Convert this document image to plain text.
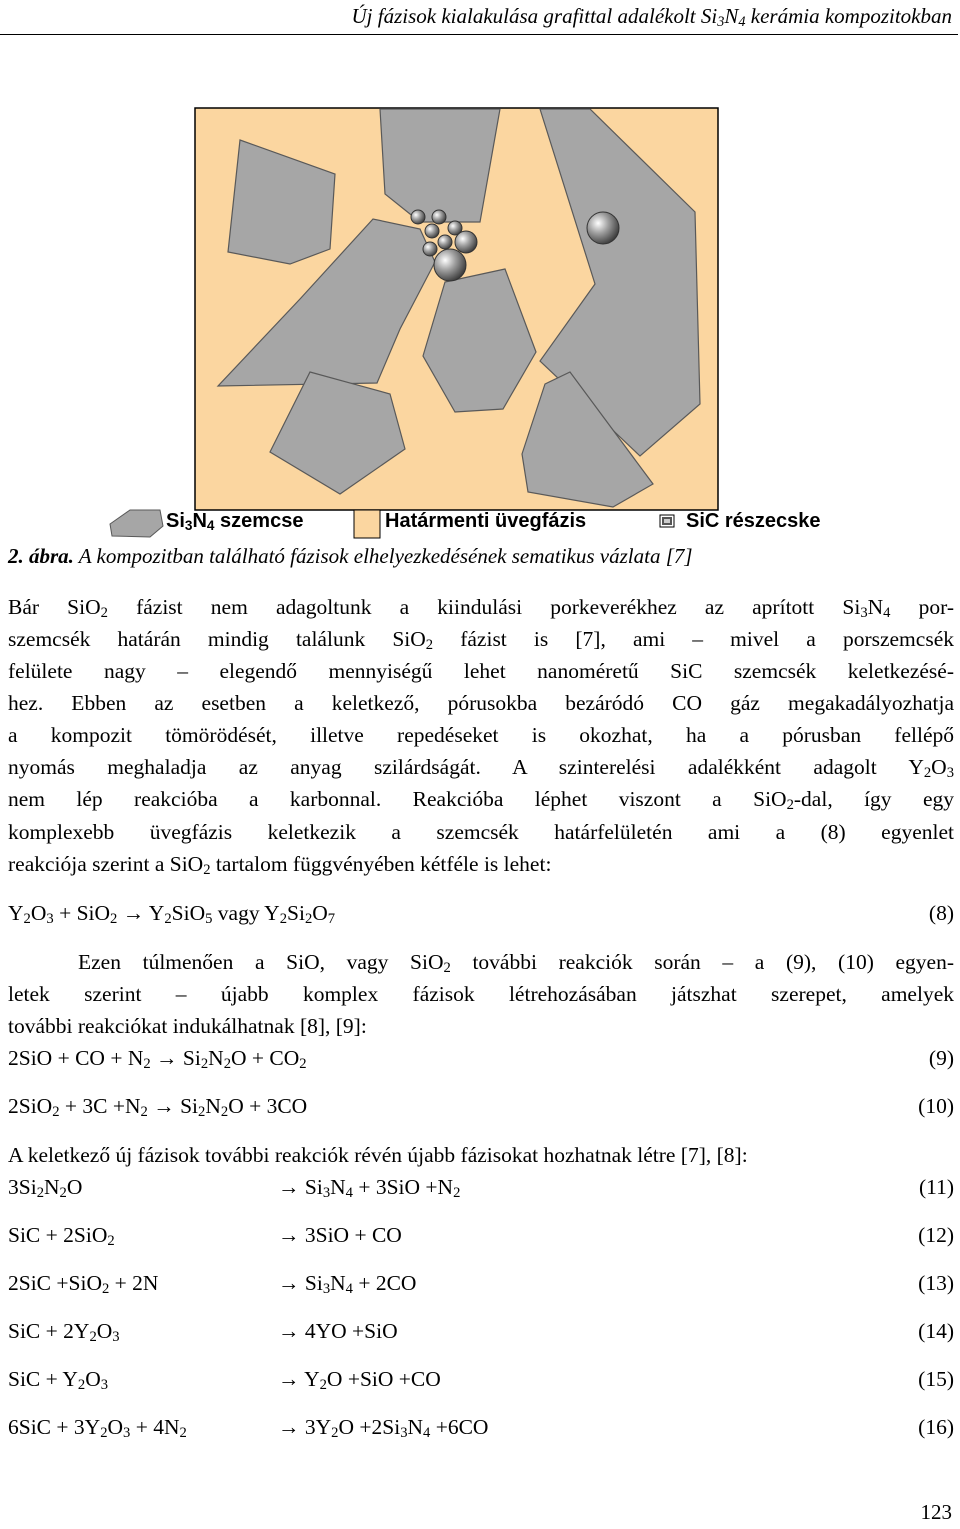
Új fázisok kialakulása grafittal adalékolt $Si_3N_4$ kerámia kompozitokban
$Si_3N_4$ szemcse	Határmenti üvegfázis	SiC részecske
2. ábra. A kompozitban található fázisok elhelyezkedésének sematikus vázlata [7]
Bár SiO$_2$ fázist nem adagoltunk a kiindulási porkeverékhez az aprított $Si_3N_4$ por-
szemcsék határán mindig találunk SiO$_2$ fázist is [7], ami – mivel a porszemcsék
felülete nagy – elegendő mennyiségű lehet nanoméretű SiC szemcsék keletkezésé-
hez. Ebben az esetben a keletkező, pórusokba bezáródó CO gáz megakadályozhatja
a kompozit tömörödését, illetve repedéseket is okozhat, ha a pórusban fellépő
nyomás meghaladja az anyag szilárdságát. A szinterelési adalékként adagolt $Y_2O_3$
nem lép reakcióba a karbonnal. Reakcióba léphet viszont a SiO$_2$-dal, így egy
komplexebb üvegfázis keletkezik a szemcsék határfelületén ami a (8) egyenlet
reakciója szerint a SiO$_2$ tartalom függvényében kétféle is lehet:
$Y_2O_3 + SiO_2 \to Y_2SiO_5$ vagy $Y_2Si_2O_7$	(8)
Ezen túlmenően a SiO, vagy SiO$_2$ további reakciók során – a (9), (10) egyen-
letek szerint – újabb komplex fázisok létrehozásában játszhat szerepet, amelyek
további reakciókat indukálhatnak [8], [9]:
2SiO + CO + $N_2 \to Si_2N_2O + CO_2$	(9)
$2SiO_2 + 3C +N_2 \to Si_2N_2O + 3CO$	(10)
A keletkező új fázisok további reakciók révén újabb fázisokat hozhatnak létre [7], [8]:
$3Si_2N_2O$	→ $Si_3N_4 + 3SiO +N_2$	(11)
SiC + 2SiO$_2$	→ 3SiO + CO	(12)
2SiC +SiO$_2$ + 2N	→ $Si_3N_4 + 2CO$	(13)
SiC + $2Y_2O_3$	→ 4YO +SiO	(14)
SiC + $Y_2O_3$	→ $Y_2O +SiO +CO$	(15)
$6SiC + 3Y_2O_3 + 4N_2$	→ $3Y_2O +2Si_3N_4 +6CO$	(16)
123
